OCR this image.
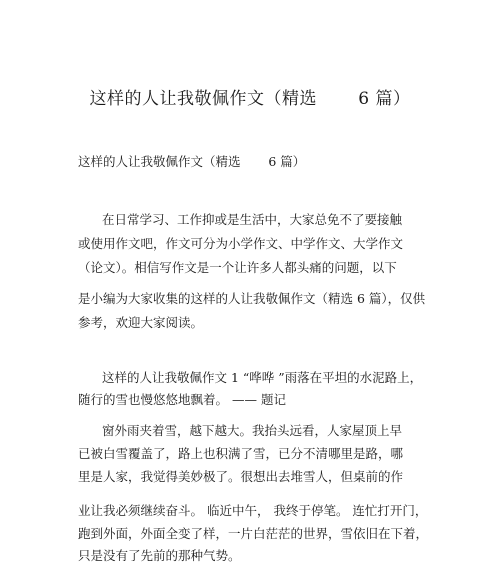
这样的人让我敬佩作文（精选       6 篇）
这样的人让我敬佩作文（精选       6 篇）
在日常学习、工作抑或是生活中，大家总免不了要接触
或使用作文吧，作文可分为小学作文、中学作文、大学作文
（论文）。相信写作文是一个让许多人都头痛的问题，以下
是小编为大家收集的这样的人让我敬佩作文（精选 6 篇），仅供
参考，欢迎大家阅读。
这样的人让我敬佩作文 1 “哗哗 ”雨落在平坦的水泥路上，
随行的雪也慢悠悠地飘着。 —— 题记
窗外雨夹着雪，越下越大。我抬头远看，人家屋顶上早
已被白雪覆盖了，路上也积满了雪，已分不清哪里是路，哪
里是人家，我觉得美妙极了。很想出去堆雪人，但桌前的作
业让我必须继续奋斗。 临近中午， 我终于停笔。 连忙打开门，
跑到外面，外面全变了样，一片白茫茫的世界，雪依旧在下着，
只是没有了先前的那种气势。
